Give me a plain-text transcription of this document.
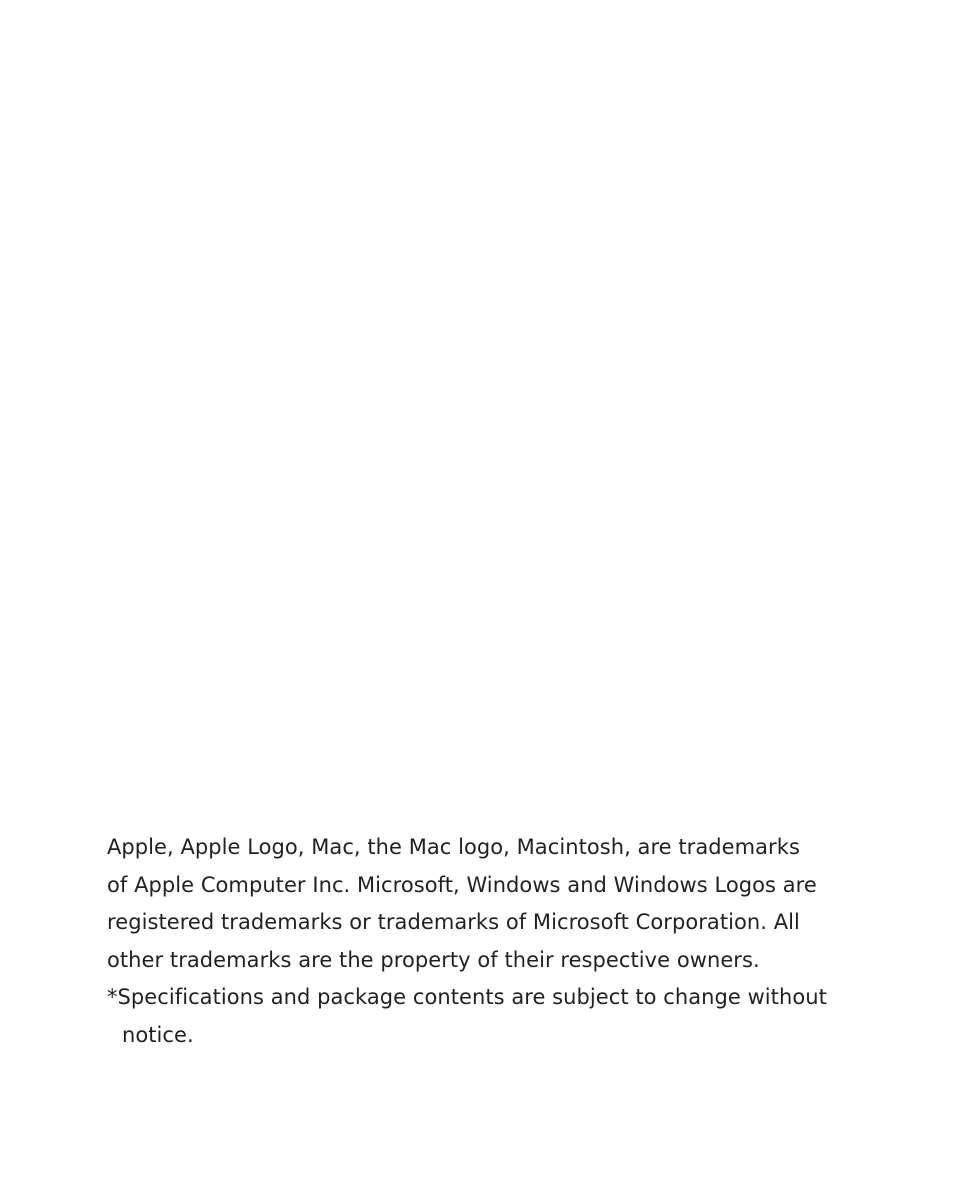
Apple, Apple Logo, Mac, the Mac logo, Macintosh, are trademarks
of Apple Computer Inc. Microsoft, Windows and Windows Logos are
registered trademarks or trademarks of Microsoft Corporation. All
other trademarks are the property of their respective owners.
*Specifications and package contents are subject to change without
notice.
